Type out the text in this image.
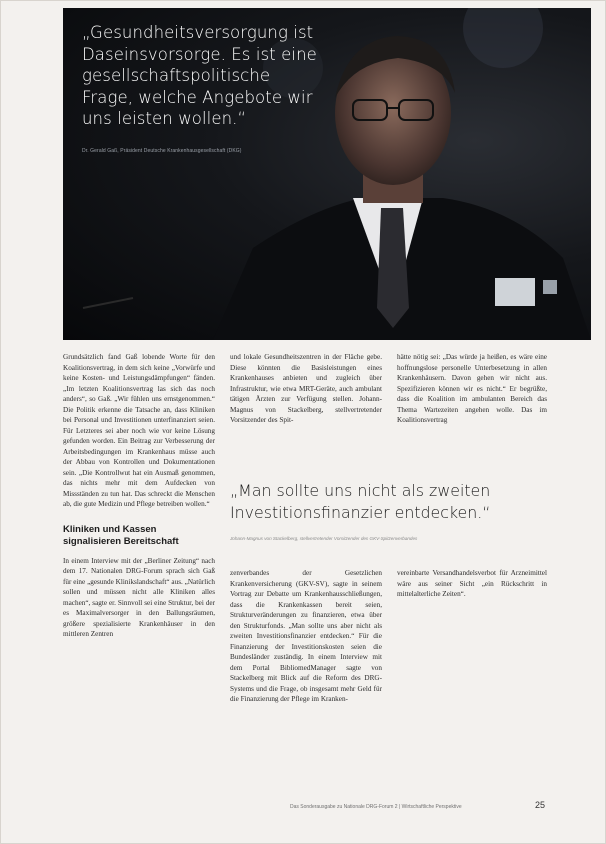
„Gesundheitsversorgung ist Daseinsvorsorge. Es ist eine gesellschaftspolitische Frage, welche Angebote wir uns leisten wollen.“
Dr. Gerald Gaß, Präsident Deutsche Krankenhausgesellschaft (DKG)

Grundsätzlich fand Gaß lobende Worte für den Koalitionsvertrag, in dem sich keine „Vorwürfe und keine Kosten- und Leistungsdämpfungen“ fänden. „Im letzten Koalitionsvertrag las sich das noch anders“, so Gaß. „Wir fühlen uns ernstgenommen.“ Die Politik erkenne die Tatsache an, dass Kliniken bei Personal und Investitionen unterfinanziert seien. Für Letzteres sei aber noch wie vor keine Lösung gefunden worden. Ein Beitrag zur Verbesserung der Arbeitsbedingungen im Krankenhaus müsse auch der Abbau von Kontrollen und Dokumentationen sein. „Die Kontrollwut hat ein Ausmaß genommen, das nichts mehr mit dem Aufdecken von Missständen zu tun hat. Das schreckt die Menschen ab, die gute Medizin und Pflege betreiben wollen.“

Kliniken und Kassen signalisieren Bereitschaft

In einem Interview mit der „Berliner Zeitung“ nach dem 17. Nationalen DRG-Forum sprach sich Gaß für eine „gesunde Klinikslandschaft“ aus. „Natürlich sollen und müssen nicht alle Kliniken alles machen“, sagte er. Sinnvoll sei eine Struktur, bei der es Maximalversorger in den Ballungsräumen, größere spezialisierte Krankenhäuser in den mittleren Zentren

und lokale Gesundheitszentren in der Fläche gebe. Diese könnten die Basisleistungen eines Krankenhauses anbieten und zugleich über Infrastruktur, wie etwa MRT-Geräte, auch ambulant tätigen Ärzten zur Verfügung stellen. Johann-Magnus von Stackelberg, stellvertretender Vorsitzender des Spit-

hätte nötig sei: „Das würde ja heißen, es wäre eine hoffnungslose personelle Unterbesetzung in allen Krankenhäusern. Davon gehen wir nicht aus. Spezifizieren können wir es nicht.“ Er begrüßte, dass die Koalition im ambulanten Bereich das Thema Wartezeiten angehen wolle. Das im Koalitionsvertrag

„Man sollte uns nicht als zweiten Investitionsfinanzier entdecken.“
Johann-Magnus von Stackelberg, stellvertretender Vorsitzender des GKV-Spitzenverbandes

zenverbandes der Gesetzlichen Krankenversicherung (GKV-SV), sagte in seinem Vortrag zur Debatte um Krankenhausschließungen, dass die Krankenkassen bereit seien, Strukturveränderungen zu finanzieren, etwa über den Strukturfonds. „Man sollte uns aber nicht als zweiten Investitionsfinanzier entdecken.“ Für die Finanzierung der Investitionskosten seien die Bundesländer zuständig. In einem Interview mit dem Portal BibliomedManager sagte von Stackelberg mit Blick auf die Reform des DRG-Systems und die Frage, ob insgesamt mehr Geld für die Finanzierung der Pflege im Kranken-

vereinbarte Versandhandelsverbot für Arzneimittel wäre aus seiner Sicht „ein Rückschritt in mittelalterliche Zeiten“.

Das Sonderausgabe zu Nationale DRG-Forum 2 | Wirtschaftliche Perspektive	25
